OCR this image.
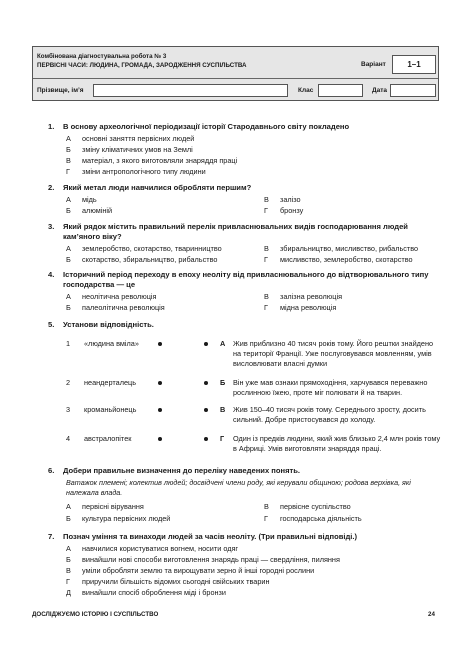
Комбінована діагностувальна робота № 3
ПЕРВІСНІ ЧАСИ: ЛЮДИНА, ГРОМАДА, ЗАРОДЖЕННЯ СУСПІЛЬСТВА	Варіант	1–1
Прізвище, ім’я	Клас	Дата
1. В основу археологічної періодизації історії Стародавнього світу покладено
А основні заняття первісних людей
Б зміну кліматичних умов на Землі
В матеріал, з якого виготовляли знаряддя праці
Г зміни антропологічного типу людини
2. Який метал люди навчилися обробляти першим?
А мідь	В залізо
Б алюміній	Г бронзу
3. Який рядок містить правильний перелік привласнювальних видів господарювання людей кам’яного віку?
А землеробство, скотарство, тваринництво	В збиральництво, мисливство, рибальство
Б скотарство, збиральництво, рибальство	Г мисливство, землеробство, скотарство
4. Історичний період переходу в епоху неоліту від привласнювального до відтворювального типу господарства — це
А неолітична революція	В залізна революція
Б палеолітична революція	Г мідна революція
5. Установи відповідність.
1 «людина вміла»	А Жив приблизно 40 тисяч років тому. Його рештки знайдено на території Франції. Уже послуговувався мовленням, умів висловлювати власні думки
2 неандерталець	Б Він уже мав ознаки прямоходіння, харчувався переважно рослинною їжею, проте міг полювати й на тварин.
3 кроманьйонець	В Жив 150–40 тисяч років тому. Середнього зросту, досить сильний. Добре пристосувався до холоду.
4 австралопітек	Г Один із предків людини, який жив близько 2,4 млн років тому в Африці. Умів виготовляти знаряддя праці.
6. Добери правильне визначення до переліку наведених понять.
Ватажок племені; колектив людей; досвідчені члени роду, які керували общиною; родова верхівка, які належала влада.
А первісні вірування	В первісне суспільство
Б культура первісних людей	Г господарська діяльність
7. Познач уміння та винаходи людей за часів неоліту. (Три правильні відповіді.)
А навчилися користуватися вогнем, носити одяг
Б винайшли нові способи виготовлення знарядь праці — свердління, пиляння
В уміли обробляти землю та вирощувати зерно й інші городні рослини
Г приручили більшість відомих сьогодні свійських тварин
Д винайшли спосіб оброблення міді і бронзи
ДОСЛІДЖУЄМО ІСТОРІЮ І СУСПІЛЬСТВО	24
